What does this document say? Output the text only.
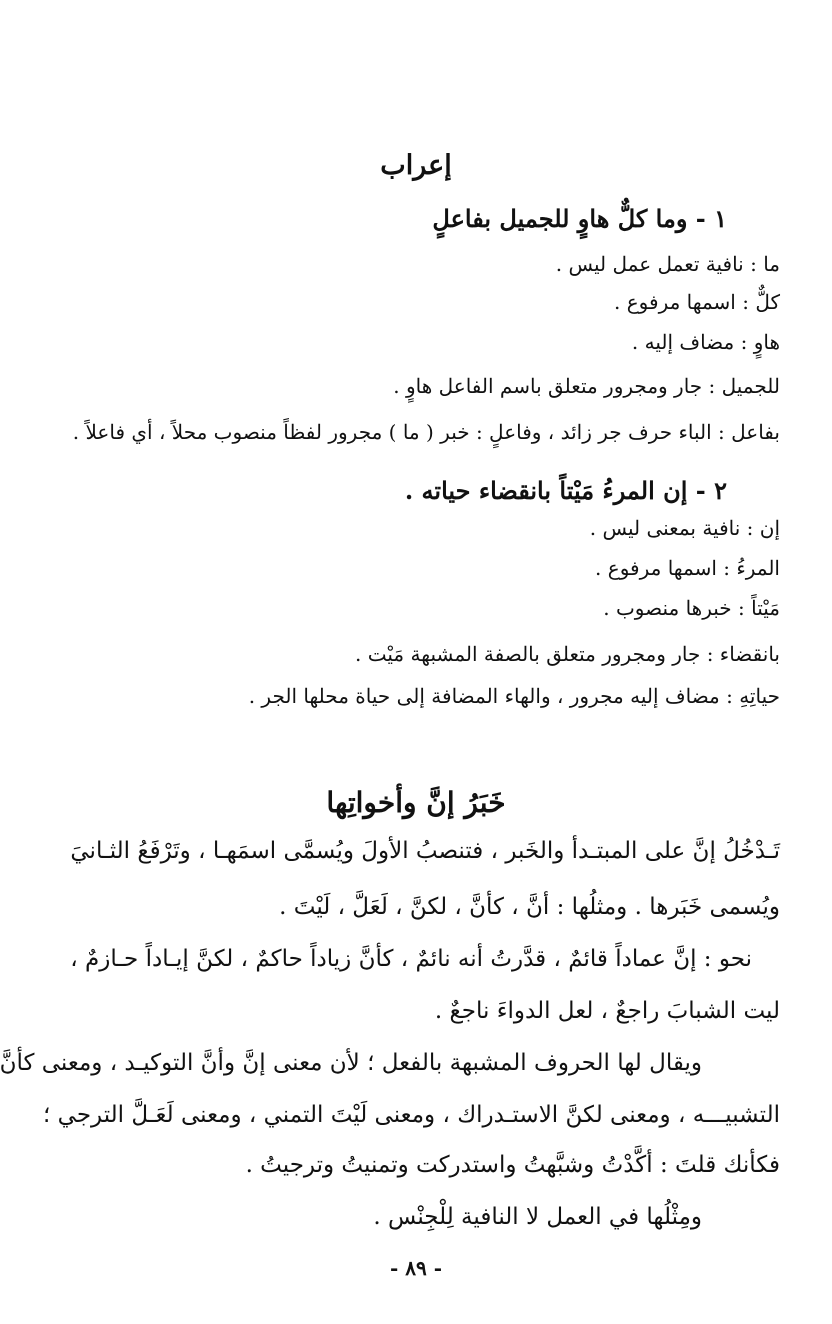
إعراب
١ - وما كلٌّ هاوٍ للجميل بفاعلٍ
ما : نافية تعمل عمل ليس .
كلٌّ : اسمها مرفوع .
هاوٍ : مضاف إليه .
للجميل : جار ومجرور متعلق باسم الفاعل هاوٍ .
بفاعل : الباء حرف جر زائد ، وفاعلٍ : خبر ( ما ) مجرور لفظاً منصوب محلاً ، أي فاعلاً .
٢ - إن المرءُ مَيْتاً بانقضاء حياته .
إن : نافية بمعنى ليس .
المرءُ : اسمها مرفوع .
مَيْتاً : خبرها منصوب .
بانقضاء : جار ومجرور متعلق بالصفة المشبهة مَيْت .
حياتِهِ : مضاف إليه مجرور ، والهاء المضافة إلى حياة محلها الجر .
خَبَرُ إنَّ وأخواتِها
تَـدْخُلُ إنَّ على المبتـدأ والخَبر ، فتنصبُ الأولَ ويُسمَّى اسمَهـا ، وتَرْفَعُ الثـانيَ
ويُسمى خَبَرها . ومثلُها : أنَّ ، كأنَّ ، لكنَّ ، لَعَلَّ ، لَيْتَ .
نحو : إنَّ عماداً قائمٌ ، قدَّرتُ أنه نائمٌ ، كأنَّ زياداً حاكمٌ ، لكنَّ إيـاداً حـازمٌ ،
ليت الشبابَ راجعٌ ، لعل الدواءَ ناجعٌ .
ويقال لها الحروف المشبهة بالفعل ؛ لأن معنى إنَّ وأنَّ التوكيـد ، ومعنى كأنَّ
التشبيـــه ، ومعنى لكنَّ الاستـدراك ، ومعنى لَيْتَ التمني ، ومعنى لَعَـلَّ الترجي ؛
فكأنك قلتَ : أكَّدْتُ وشبَّهتُ واستدركت وتمنيتُ وترجيتُ .
ومِثْلُها في العمل لا النافية لِلْجِنْس .
- ٨٩ -
